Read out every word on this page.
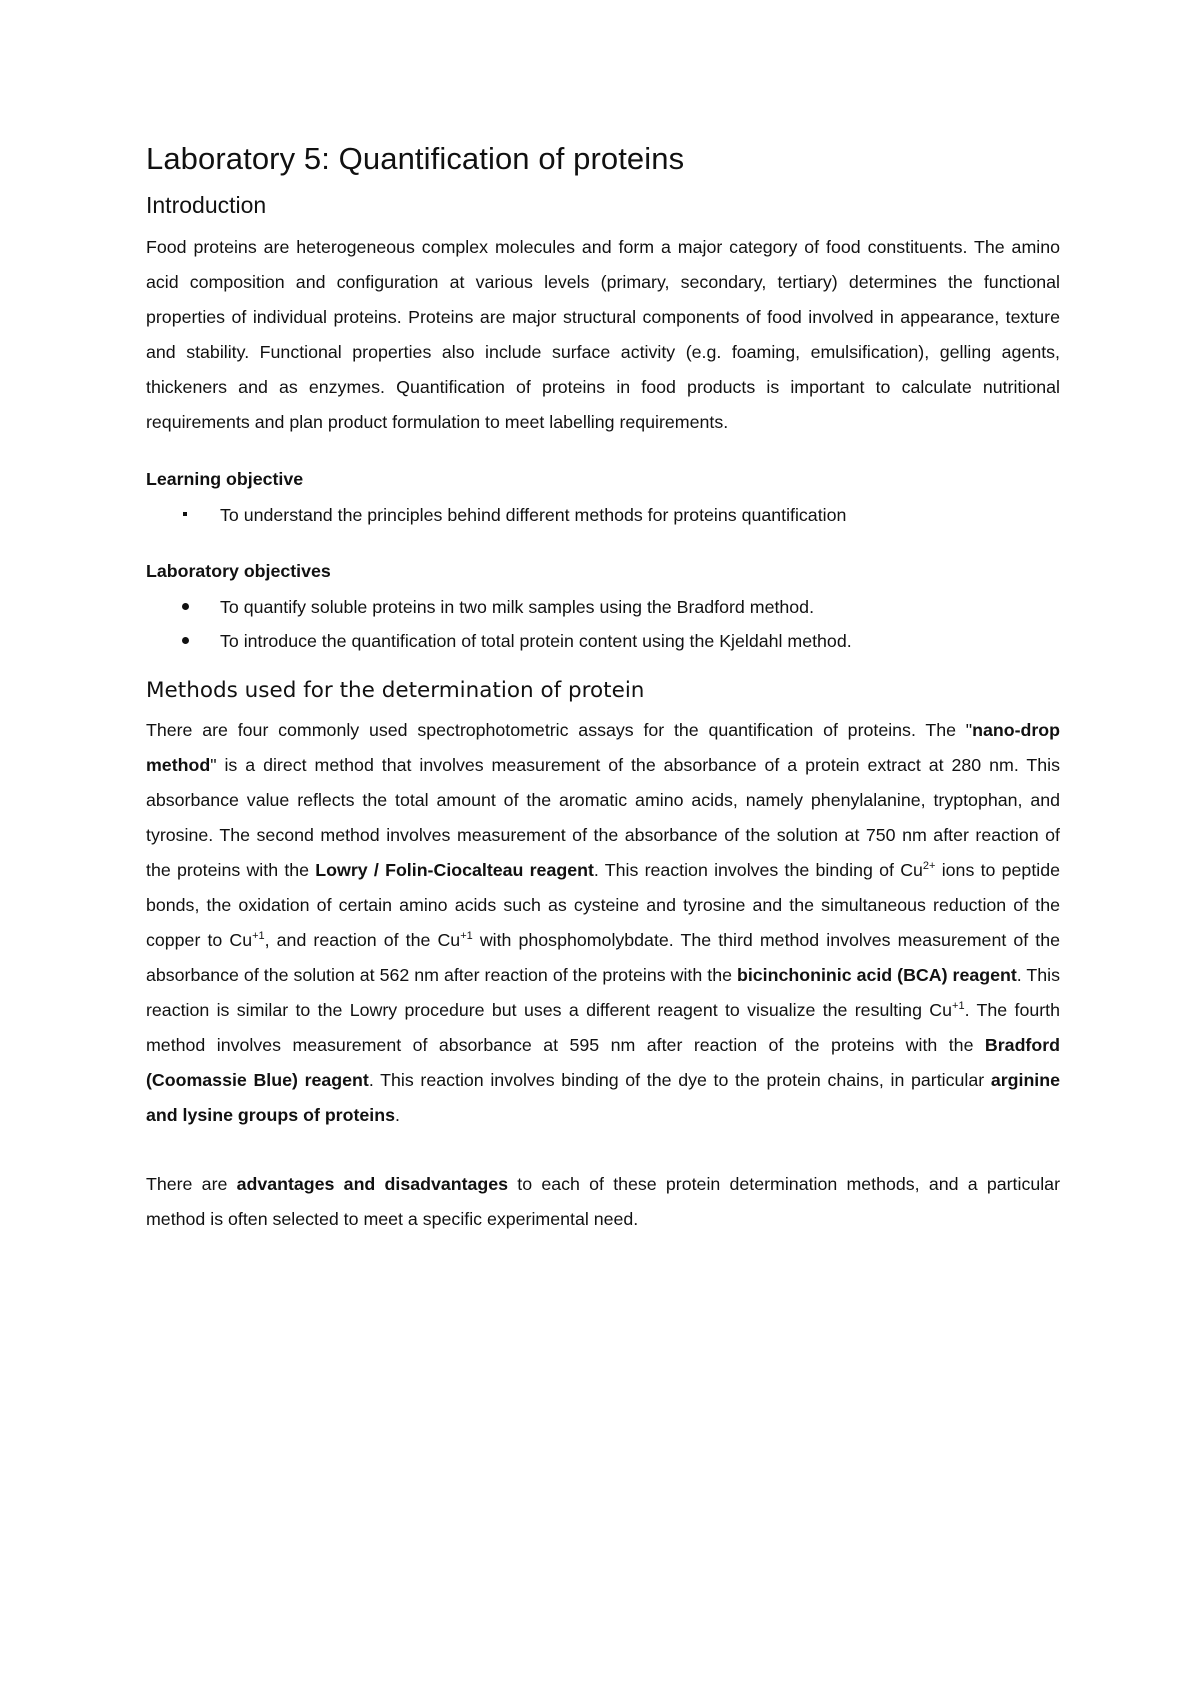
Laboratory 5: Quantification of proteins
Introduction

Food proteins are heterogeneous complex molecules and form a major category of food constituents. The amino acid composition and configuration at various levels (primary, secondary, tertiary) determines the functional properties of individual proteins. Proteins are major structural components of food involved in appearance, texture and stability. Functional properties also include surface activity (e.g. foaming, emulsification), gelling agents, thickeners and as enzymes. Quantification of proteins in food products is important to calculate nutritional requirements and plan product formulation to meet labelling requirements.

Learning objective
To understand the principles behind different methods for proteins quantification
Laboratory objectives
To quantify soluble proteins in two milk samples using the Bradford method.
To introduce the quantification of total protein content using the Kjeldahl method.
Methods used for the determination of protein

There are four commonly used spectrophotometric assays for the quantification of proteins. The "nano-drop method" is a direct method that involves measurement of the absorbance of a protein extract at 280 nm. This absorbance value reflects the total amount of the aromatic amino acids, namely phenylalanine, tryptophan, and tyrosine. The second method involves measurement of the absorbance of the solution at 750 nm after reaction of the proteins with the Lowry / Folin-Ciocalteau reagent. This reaction involves the binding of $Cu^{2+}$ ions to peptide bonds, the oxidation of certain amino acids such as cysteine and tyrosine and the simultaneous reduction of the copper to $Cu^{+1}$, and reaction of the $Cu^{+1}$ with phosphomolybdate. The third method involves measurement of the absorbance of the solution at 562 nm after reaction of the proteins with the bicinchoninic acid (BCA) reagent. This reaction is similar to the Lowry procedure but uses a different reagent to visualize the resulting $Cu^{+1}$. The fourth method involves measurement of absorbance at 595 nm after reaction of the proteins with the Bradford (Coomassie Blue) reagent. This reaction involves binding of the dye to the protein chains, in particular arginine and lysine groups of proteins.

There are advantages and disadvantages to each of these protein determination methods, and a particular method is often selected to meet a specific experimental need.
